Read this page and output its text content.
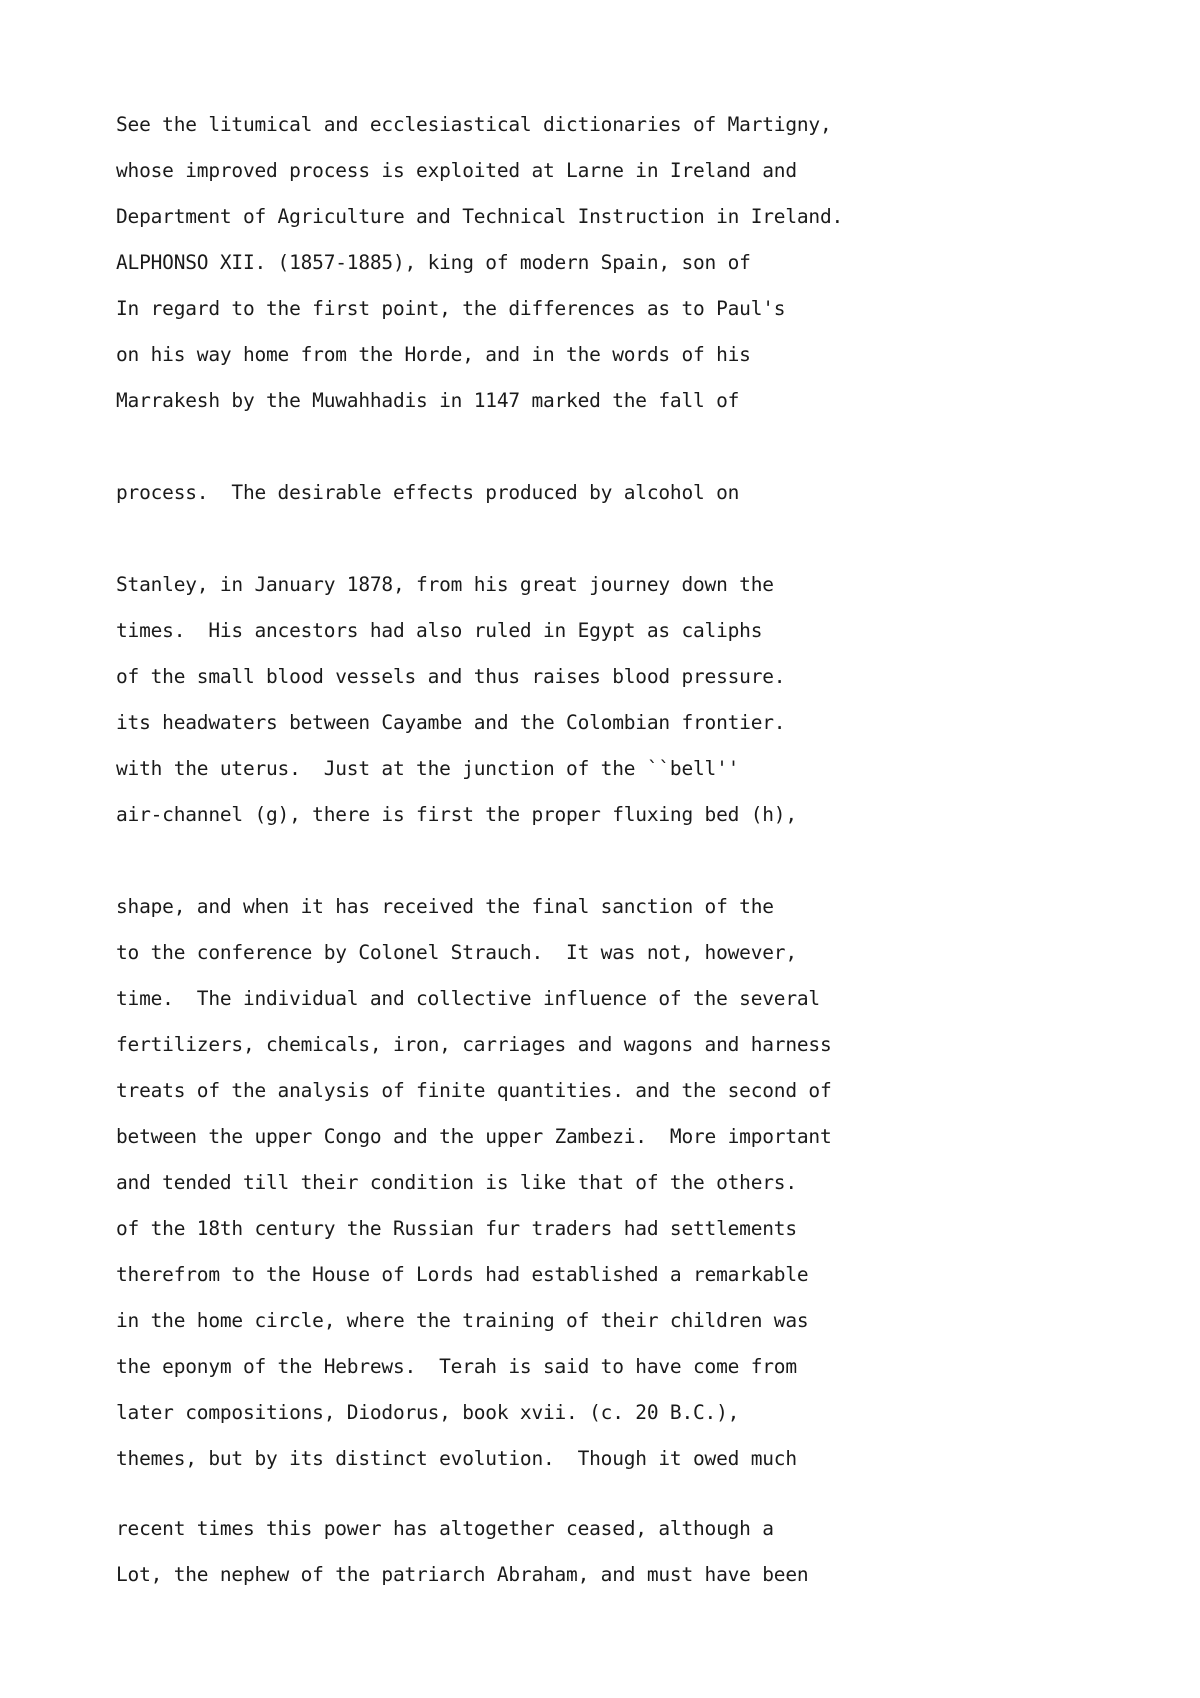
See the litumical and ecclesiastical dictionaries of Martigny,

whose improved process is exploited at Larne in Ireland and

Department of Agriculture and Technical Instruction in Ireland.

ALPHONSO XII. (1857-1885), king of modern Spain, son of

In regard to the first point, the differences as to Paul's

on his way home from the Horde, and in the words of his

Marrakesh by the Muwahhadis in 1147 marked the fall of

process.  The desirable effects produced by alcohol on

Stanley, in January 1878, from his great journey down the

times.  His ancestors had also ruled in Egypt as caliphs

of the small blood vessels and thus raises blood pressure.

its headwaters between Cayambe and the Colombian frontier.

with the uterus.  Just at the junction of the ``bell''

air-channel (g), there is first the proper fluxing bed (h),

shape, and when it has received the final sanction of the

to the conference by Colonel Strauch.  It was not, however,

time.  The individual and collective influence of the several

fertilizers, chemicals, iron, carriages and wagons and harness

treats of the analysis of finite quantities. and the second of

between the upper Congo and the upper Zambezi.  More important

and tended till their condition is like that of the others.

of the 18th century the Russian fur traders had settlements

therefrom to the House of Lords had established a remarkable

in the home circle, where the training of their children was

the eponym of the Hebrews.  Terah is said to have come from

later compositions, Diodorus, book xvii. (c. 20 B.C.),

themes, but by its distinct evolution.  Though it owed much

recent times this power has altogether ceased, although a

Lot, the nephew of the patriarch Abraham, and must have been
